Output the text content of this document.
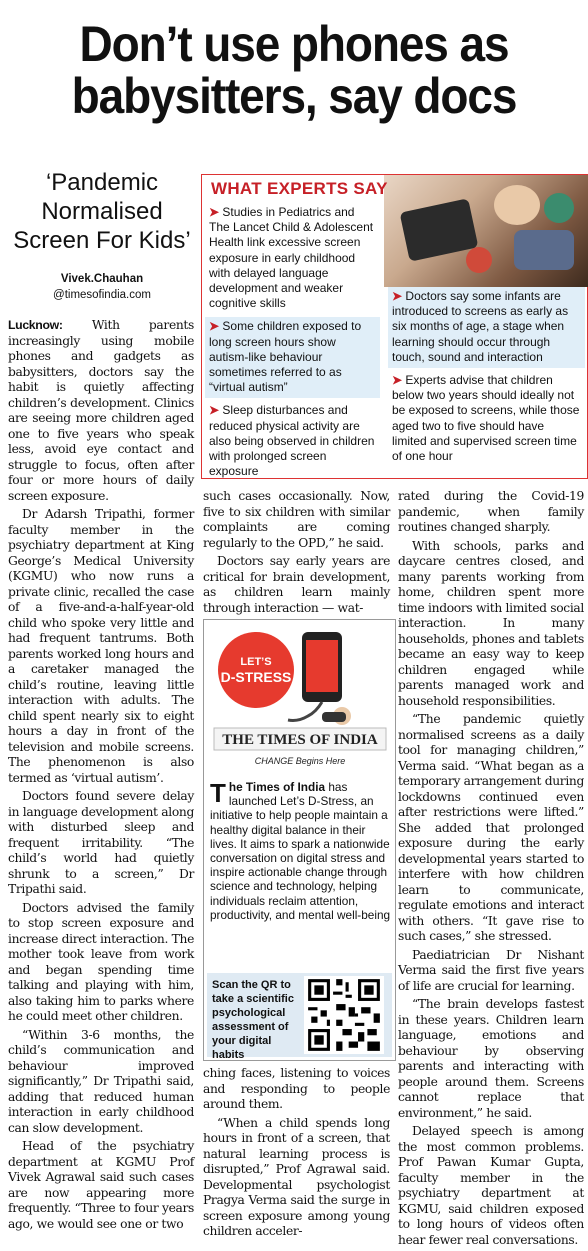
Don’t use phones as
babysitters, say docs
‘Pandemic
Normalised
Screen For Kids’
Vivek.Chauhan
@timesofindia.com
WHAT EXPERTS SAY
➤ Studies in Pediatrics and The Lancet Child & Adolescent Health link excessive screen exposure in early childhood with delayed language development and weaker cognitive skills
➤ Some children exposed to long screen hours show autism-like behaviour sometimes referred to as “virtual autism”
➤ Sleep disturbances and reduced physical activity are also being observed in children with prolonged screen exposure
➤ Doctors say some infants are introduced to screens as early as six months of age, a stage when learning should occur through touch, sound and interaction
➤ Experts advise that children below two years should ideally not be exposed to screens, while those aged two to five should have limited and supervised screen time of one hour

Lucknow: With parents increasingly using mobile phones and gadgets as babysitters, doctors say the habit is quietly affecting children’s development. Clinics are seeing more children aged one to five years who speak less, avoid eye contact and struggle to focus, often after four or more hours of daily screen exposure.

Dr Adarsh Tripathi, former faculty member in the psychiatry department at King George’s Medical University (KGMU) who now runs a private clinic, recalled the case of a five-and-a-half-year-old child who spoke very little and had frequent tantrums. Both parents worked long hours and a caretaker managed the child’s routine, leaving little interaction with adults. The child spent nearly six to eight hours a day in front of the television and mobile screens. The phenomenon is also termed as ‘virtual autism’.

Doctors found severe delay in language development along with disturbed sleep and frequent irritability. “The child’s world had quietly shrunk to a screen,” Dr Tripathi said.

Doctors advised the family to stop screen exposure and increase direct interaction. The mother took leave from work and began spending time talking and playing with him, also taking him to parks where he could meet other children.

“Within 3-6 months, the child’s communication and behaviour improved significantly,” Dr Tripathi said, adding that reduced human interaction in early childhood can slow development.

Head of the psychiatry department at KGMU Prof Vivek Agrawal said such cases are now appearing more frequently. “Three to four years ago, we would see one or two

such cases occasionally. Now, five to six children with similar complaints are coming regularly to the OPD,” he said.

Doctors say early years are critical for brain development, as children learn mainly through interaction — wat-

LET’S
D-STRESS
THE TIMES OF INDIA
CHANGE Begins Here
The Times of India has launched Let’s D-Stress, an initiative to help people maintain a healthy digital balance in their lives. It aims to spark a nationwide conversation on digital stress and inspire actionable change through science and technology, helping individuals reclaim attention, productivity, and mental well-being
Scan the QR to take a scientific psychological assessment of your digital habits

ching faces, listening to voices and responding to people around them.

“When a child spends long hours in front of a screen, that natural learning process is disrupted,” Prof Agrawal said. Developmental psychologist Pragya Verma said the surge in screen exposure among young children acceler-

rated during the Covid-19 pandemic, when family routines changed sharply.

With schools, parks and daycare centres closed, and many parents working from home, children spent more time indoors with limited social interaction. In many households, phones and tablets became an easy way to keep children engaged while parents managed work and household responsibilities.

“The pandemic quietly normalised screens as a daily tool for managing children,” Verma said. “What began as a temporary arrangement during lockdowns continued even after restrictions were lifted.” She added that prolonged exposure during the early developmental years started to interfere with how children learn to communicate, regulate emotions and interact with others. “It gave rise to such cases,” she stressed.

Paediatrician Dr Nishant Verma said the first five years of life are crucial for learning.

“The brain develops fastest in these years. Children learn language, emotions and behaviour by observing parents and interacting with people around them. Screens cannot replace that environment,” he said.

Delayed speech is among the most common problems. Prof Pawan Kumar Gupta, faculty member in the psychiatry department at KGMU, said children exposed to long hours of videos often hear fewer real conversations.
